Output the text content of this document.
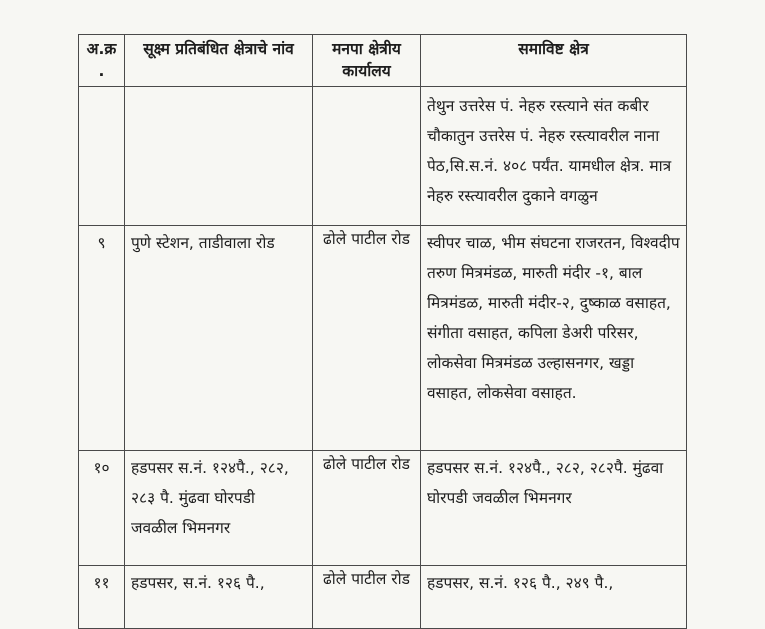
अ.क्र.	सूक्ष्म प्रतिबंधित क्षेत्राचे नांव	मनपा क्षेत्रीय कार्यालय	समाविष्ट क्षेत्र
			तेथुन उत्तरेस पं. नेहरु रस्त्याने संत कबीर चौकातुन उत्तरेस पं. नेहरु रस्त्यावरील नाना पेठ,सि.स.नं. ४०८ पर्यंत. यामधील क्षेत्र. मात्र नेहरु रस्त्यावरील दुकाने वगळुन
९	पुणे स्टेशन, ताडीवाला रोड	ढोले पाटील रोड	स्वीपर चाळ, भीम संघटना राजरतन, विश्वदीप तरुण मित्रमंडळ, मारुती मंदीर -१, बाल मित्रमंडळ, मारुती मंदीर-२, दुष्काळ वसाहत, संगीता वसाहत, कपिला डेअरी परिसर, लोकसेवा मित्रमंडळ उल्हासनगर, खड्डा वसाहत, लोकसेवा वसाहत.
१०	हडपसर स.नं. १२४पै., २८२, २८३ पै. मुंढवा घोरपडी जवळील भिमनगर	ढोले पाटील रोड	हडपसर स.नं. १२४पै., २८२, २८२पै. मुंढवा घोरपडी जवळील भिमनगर
११	हडपसर, स.नं. १२६ पै.,	ढोले पाटील रोड	हडपसर, स.नं. १२६ पै., २४९ पै.,
